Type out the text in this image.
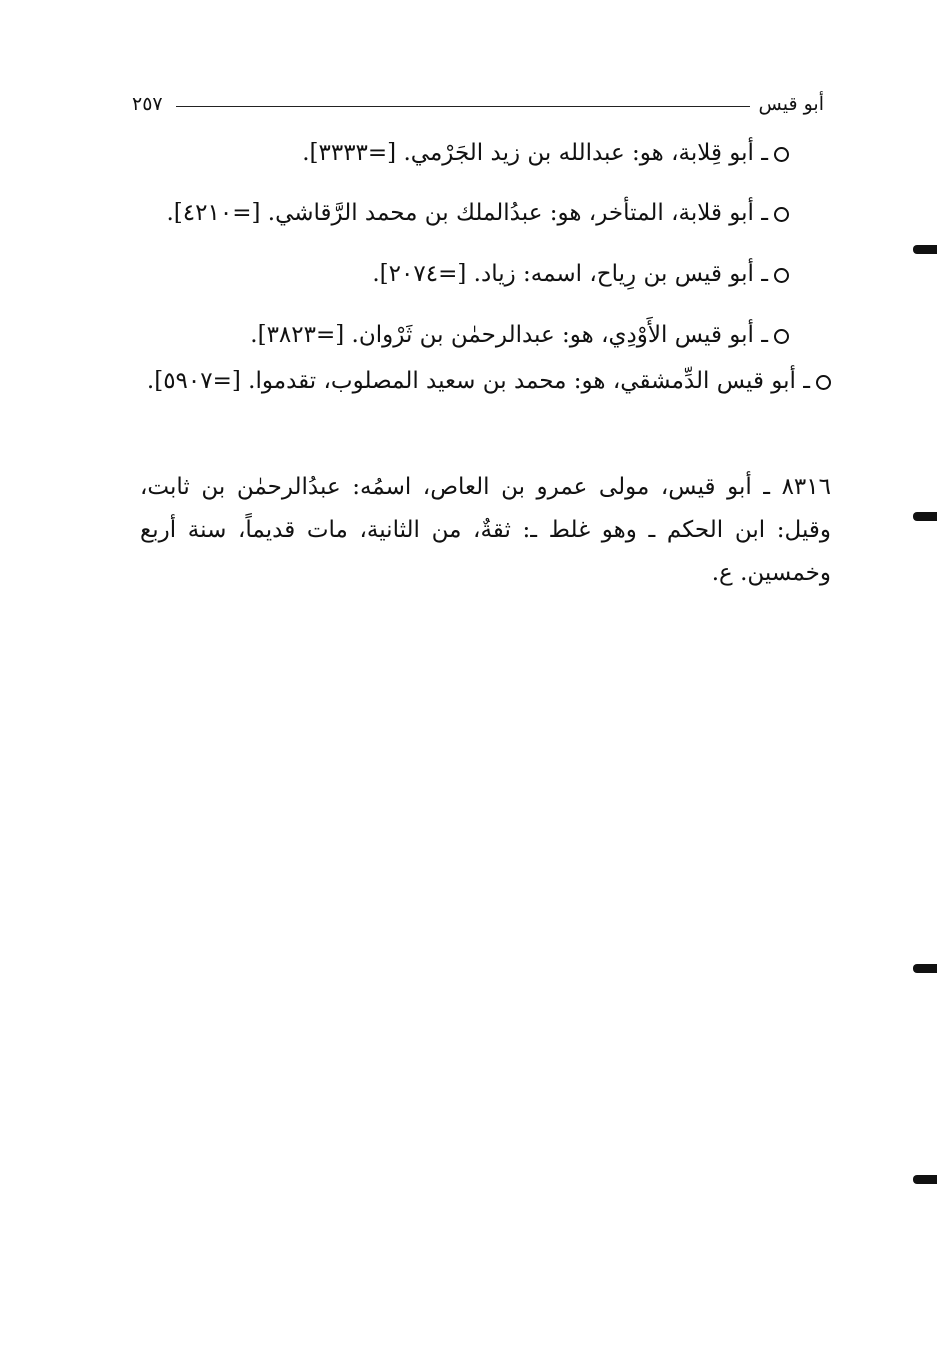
٢٥٧	أبو قيس
ـ أبو قِلابة، هو: عبدالله بن زيد الجَرْمي. [=٣٣٣٣].
ـ أبو قلابة، المتأخر، هو: عبدُالملك بن محمد الرَّقاشي. [=٤٢١٠].
ـ أبو قيس بن رِياح، اسمه: زياد. [=٢٠٧٤].
ـ أبو قيس الأَوْدِي، هو: عبدالرحمٰن بن ثَرْوان. [=٣٨٢٣].
ـ أبو قيس الدِّمشقي، هو: محمد بن سعيد المصلوب، تقدموا. [=٥٩٠٧].
٨٣١٦ ـ أبو قيس، مولى عمرو بن العاص، اسمُه: عبدُالرحمٰن بن ثابت، وقيل: ابن الحكم ـ وهو غلط ـ: ثقةٌ، من الثانية، مات قديماً، سنة أربع وخمسين. ع.
